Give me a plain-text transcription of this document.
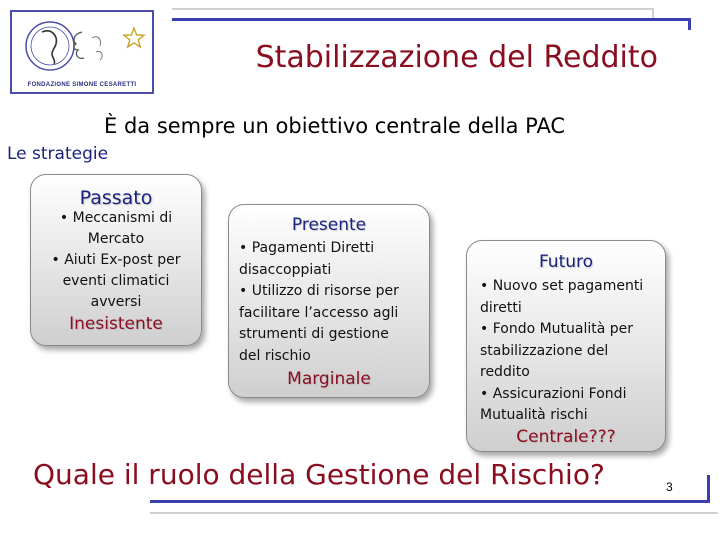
FONDAZIONE SIMONE CESARETTI
Stabilizzazione del Reddito
È da sempre un obiettivo centrale della PAC
Le strategie
Passato
• Meccanismi di
Mercato
• Aiuti Ex-post per
eventi climatici
avversi
Inesistente
Presente
• Pagamenti Diretti
disaccoppiati
• Utilizzo di risorse per
facilitare l’accesso agli
strumenti di gestione
del rischio
Marginale
Futuro
• Nuovo set pagamenti
diretti
• Fondo Mutualità per
stabilizzazione del
reddito
• Assicurazioni Fondi
Mutualità rischi
Centrale???
Quale il ruolo della Gestione del Rischio?	3
